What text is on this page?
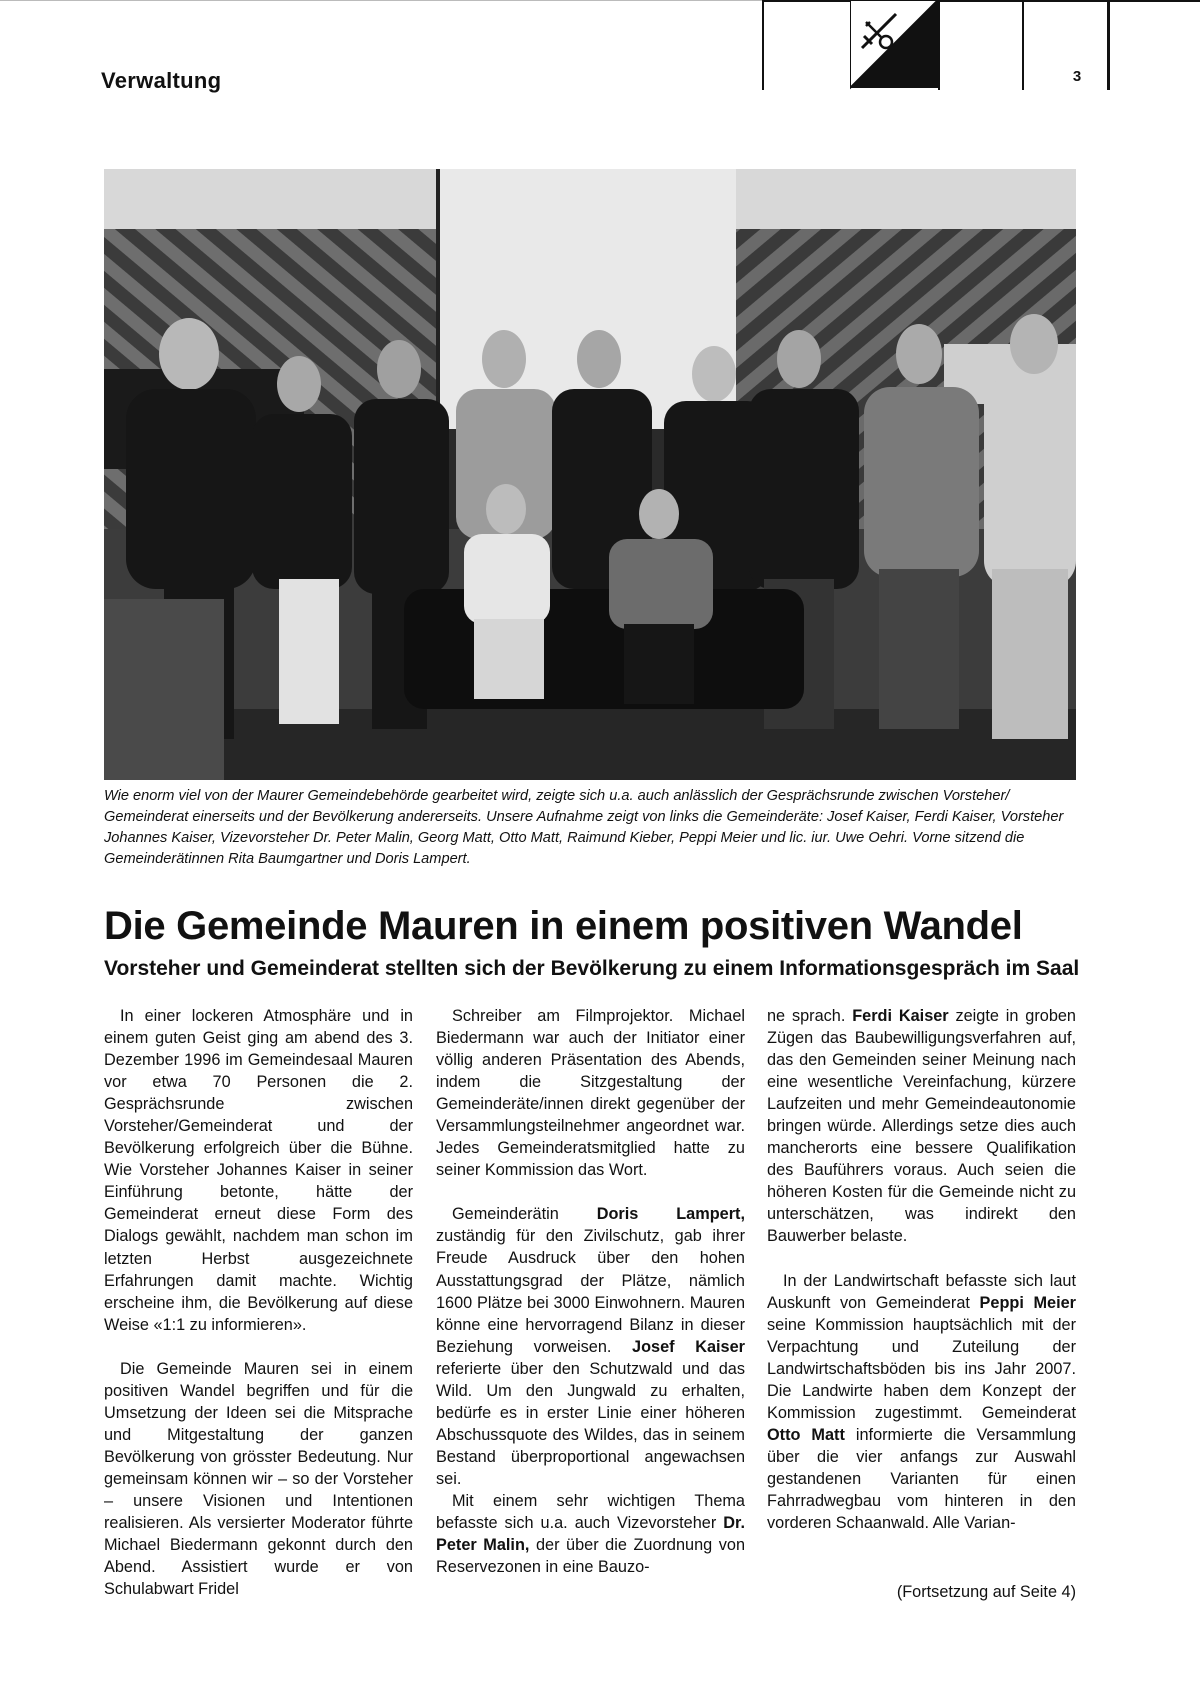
Verwaltung	3

Wie enorm viel von der Maurer Gemeindebehörde gearbeitet wird, zeigte sich u.a. auch anlässlich der Gesprächsrunde zwischen Vorsteher/ Gemeinderat einerseits und der Bevölkerung andererseits. Unsere Aufnahme zeigt von links die Gemeinderäte: Josef Kaiser, Ferdi Kaiser, Vorsteher Johannes Kaiser, Vizevorsteher Dr. Peter Malin, Georg Matt, Otto Matt, Raimund Kieber, Peppi Meier und lic. iur. Uwe Oehri. Vorne sitzend die Gemeinderätinnen Rita Baumgartner und Doris Lampert.

Die Gemeinde Mauren in einem positiven Wandel
Vorsteher und Gemeinderat stellten sich der Bevölkerung zu einem Informationsgespräch im Saal

In einer lockeren Atmosphäre und in einem guten Geist ging am abend des 3. Dezember 1996 im Gemeindesaal Mauren vor etwa 70 Personen die 2. Gesprächsrunde zwischen Vorsteher/Gemeinderat und der Bevölkerung erfolgreich über die Bühne. Wie Vorsteher Johannes Kaiser in seiner Einführung betonte, hätte der Gemeinderat erneut diese Form des Dialogs gewählt, nachdem man schon im letzten Herbst ausgezeichnete Erfahrungen damit machte. Wichtig erscheine ihm, die Bevölkerung auf diese Weise «1:1 zu informieren».

Die Gemeinde Mauren sei in einem positiven Wandel begriffen und für die Umsetzung der Ideen sei die Mitsprache und Mitgestaltung der ganzen Bevölkerung von grösster Bedeutung. Nur gemeinsam können wir – so der Vorsteher – unsere Visionen und Intentionen realisieren. Als versierter Moderator führte Michael Biedermann gekonnt durch den Abend. Assistiert wurde er von Schulabwart Fridel

Schreiber am Filmprojektor. Michael Biedermann war auch der Initiator einer völlig anderen Präsentation des Abends, indem die Sitzgestaltung der Gemeinderäte/innen direkt gegenüber der Versammlungsteilnehmer angeordnet war. Jedes Gemeinderatsmitglied hatte zu seiner Kommission das Wort.

Gemeinderätin Doris Lampert, zuständig für den Zivilschutz, gab ihrer Freude Ausdruck über den hohen Ausstattungsgrad der Plätze, nämlich 1600 Plätze bei 3000 Einwohnern. Mauren könne eine hervorragend Bilanz in dieser Beziehung vorweisen. Josef Kaiser referierte über den Schutzwald und das Wild. Um den Jungwald zu erhalten, bedürfe es in erster Linie einer höheren Abschussquote des Wildes, das in seinem Bestand überproportional angewachsen sei.

Mit einem sehr wichtigen Thema befasste sich u.a. auch Vizevorsteher Dr. Peter Malin, der über die Zuordnung von Reservezonen in eine Bauzo-

ne sprach. Ferdi Kaiser zeigte in groben Zügen das Baubewilligungsverfahren auf, das den Gemeinden seiner Meinung nach eine wesentliche Vereinfachung, kürzere Laufzeiten und mehr Gemeindeautonomie bringen würde. Allerdings setze dies auch mancherorts eine bessere Qualifikation des Bauführers voraus. Auch seien die höheren Kosten für die Gemeinde nicht zu unterschätzen, was indirekt den Bauwerber belaste.

In der Landwirtschaft befasste sich laut Auskunft von Gemeinderat Peppi Meier seine Kommission hauptsächlich mit der Verpachtung und Zuteilung der Landwirtschaftsböden bis ins Jahr 2007. Die Landwirte haben dem Konzept der Kommission zugestimmt. Gemeinderat Otto Matt informierte die Versammlung über die vier anfangs zur Auswahl gestandenen Varianten für einen Fahrradwegbau vom hinteren in den vorderen Schaanwald. Alle Varian-

(Fortsetzung auf Seite 4)
